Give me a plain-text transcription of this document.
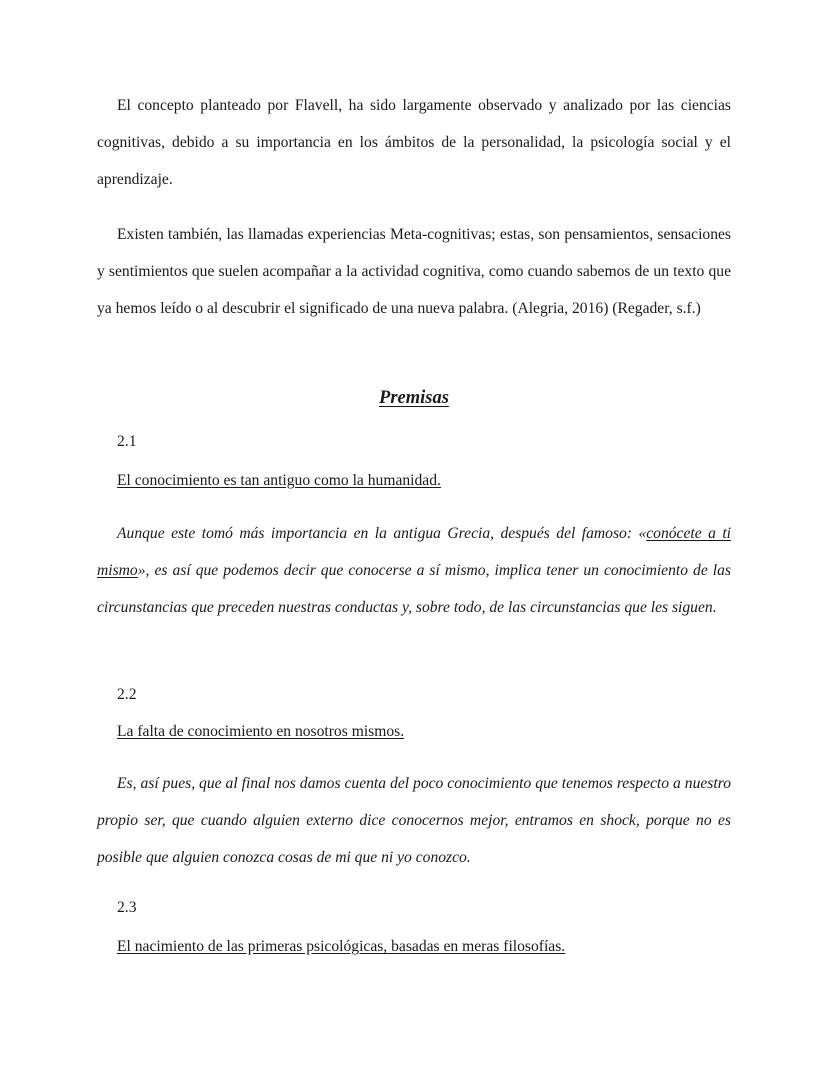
El concepto planteado por Flavell, ha sido largamente observado y analizado por las ciencias cognitivas, debido a su importancia en los ámbitos de la personalidad, la psicología social y el aprendizaje.

Existen también, las llamadas experiencias Meta-cognitivas; estas, son pensamientos, sensaciones y sentimientos que suelen acompañar a la actividad cognitiva, como cuando sabemos de un texto que ya hemos leído o al descubrir el significado de una nueva palabra. (Alegria, 2016) (Regader, s.f.)

Premisas
2.1
El conocimiento es tan antiguo como la humanidad.

Aunque este tomó más importancia en la antigua Grecia, después del famoso: «conócete a ti mismo», es así que podemos decir que conocerse a sí mismo, implica tener un conocimiento de las circunstancias que preceden nuestras conductas y, sobre todo, de las circunstancias que les siguen.

2.2
La falta de conocimiento en nosotros mismos.

Es, así pues, que al final nos damos cuenta del poco conocimiento que tenemos respecto a nuestro propio ser, que cuando alguien externo dice conocernos mejor, entramos en shock, porque no es posible que alguien conozca cosas de mi que ni yo conozco.

2.3
El nacimiento de las primeras psicológicas, basadas en meras filosofías.
